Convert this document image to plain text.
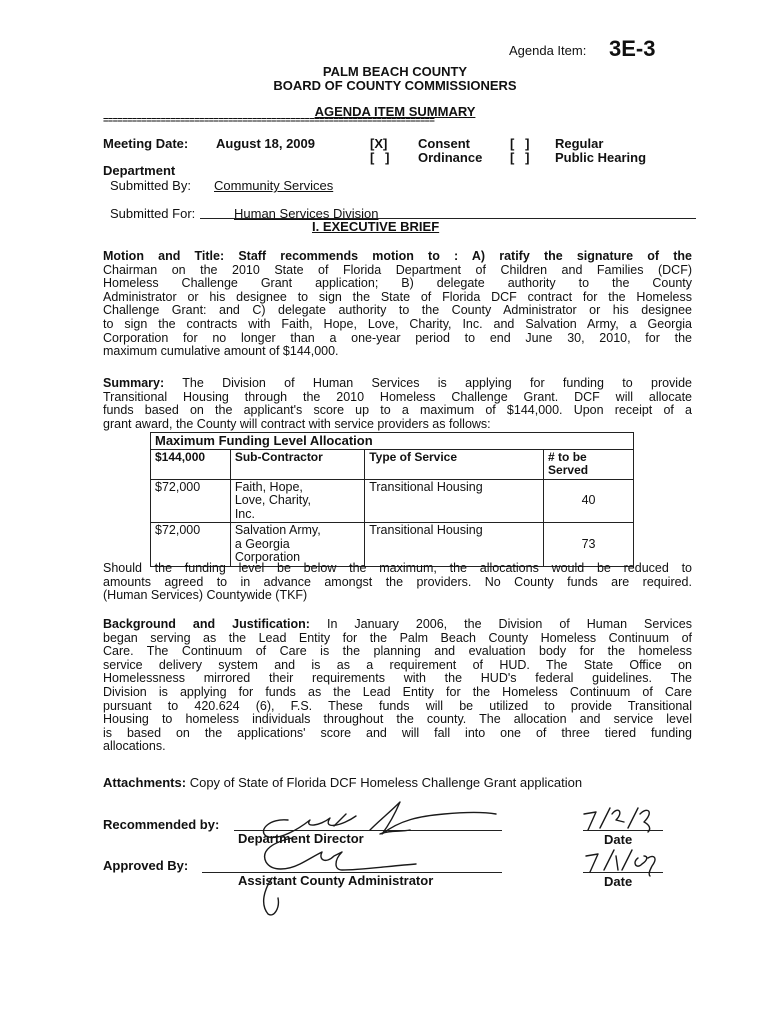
Agenda Item: 3E-3
PALM BEACH COUNTY
BOARD OF COUNTY COMMISSIONERS
AGENDA ITEM SUMMARY
=====================================================================
Meeting Date: August 18, 2009	[X] Consent	[   ] Regular
[   ] Ordinance [   ] Public Hearing
Department
Submitted By: Community Services
Submitted For:	Human Services Division
I. EXECUTIVE BRIEF
Motion and Title: Staff recommends motion to : A) ratify the signature of the
Chairman on the 2010 State of Florida Department of Children and Families (DCF)
Homeless Challenge Grant application; B) delegate authority to the County
Administrator or his designee to sign the State of Florida DCF contract for the Homeless
Challenge Grant: and C) delegate authority to the County Administrator or his designee
to sign the contracts with Faith, Hope, Love, Charity, Inc. and Salvation Army, a Georgia
Corporation for no longer than a one-year period to end June 30, 2010, for the
maximum cumulative amount of $144,000.
Summary: The Division of Human Services is applying for funding to provide
Transitional Housing through the 2010 Homeless Challenge Grant. DCF will allocate
funds based on the applicant's score up to a maximum of $144,000. Upon receipt of a
grant award, the County will contract with service providers as follows:
Maximum Funding Level Allocation			
$144,000	Sub-Contractor	Type of Service	# to be Served
$72,000	Faith, Hope,
Love, Charity,
Inc.	Transitional Housing	40
$72,000	Salvation Army,
a Georgia
Corporation	Transitional Housing	73
Should the funding level be below the maximum, the allocations would be reduced to
amounts agreed to in advance amongst the providers. No County funds are required.
(Human Services) Countywide (TKF)
Background and Justification: In January 2006, the Division of Human Services
began serving as the Lead Entity for the Palm Beach County Homeless Continuum of
Care. The Continuum of Care is the planning and evaluation body for the homeless
service delivery system and is as a requirement of HUD. The State Office on
Homelessness mirrored their requirements with the HUD's federal guidelines. The
Division is applying for funds as the Lead Entity for the Homeless Continuum of Care
pursuant to 420.624 (6), F.S. These funds will be utilized to provide Transitional
Housing to homeless individuals throughout the county. The allocation and service level
is based on the applications' score and will fall into one of three tiered funding
allocations.
Attachments: Copy of State of Florida DCF Homeless Challenge Grant application
Recommended by:
Department Director	Date
Approved By:
Assistant County Administrator	Date
